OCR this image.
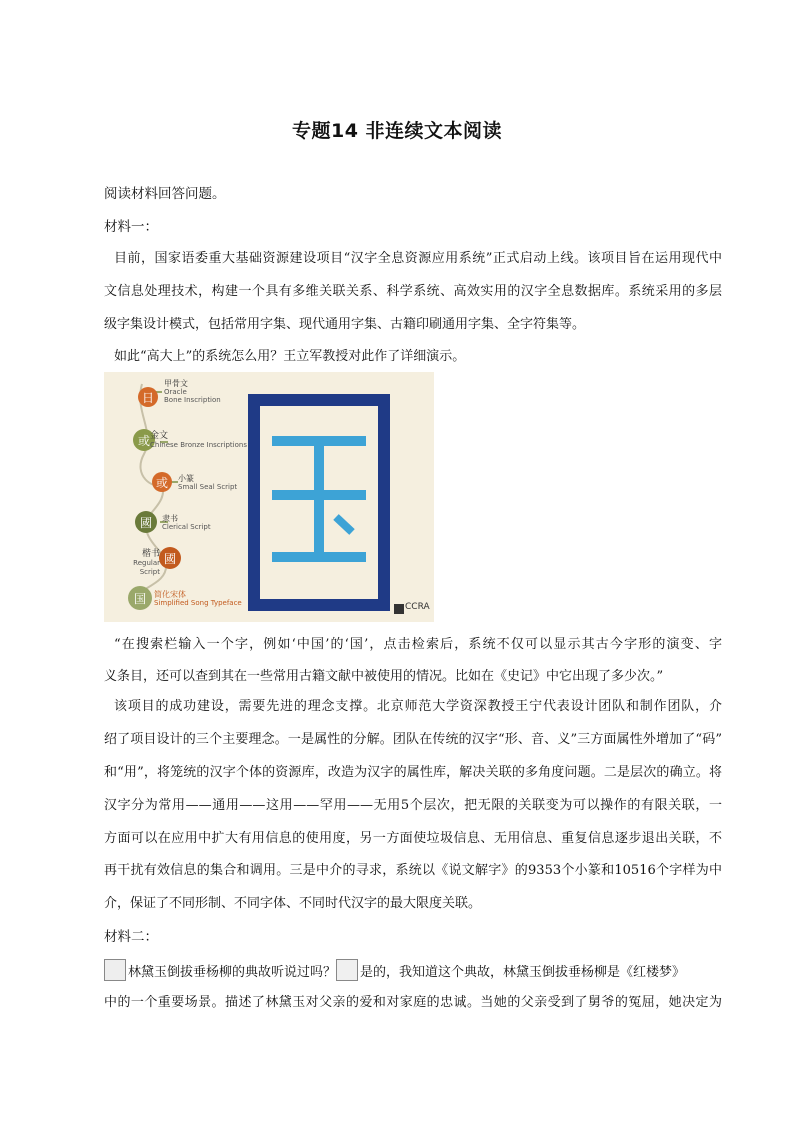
专题14 非连续文本阅读
阅读材料回答问题。
材料一：
目前，国家语委重大基础资源建设项目“汉字全息资源应用系统”正式启动上线。该项目旨在运用现代中
文信息处理技术，构建一个具有多维关联关系、科学系统、高效实用的汉字全息数据库。系统采用的多层
级字集设计模式，包括常用字集、现代通用字集、古籍印刷通用字集、全字符集等。
如此“高大上”的系统怎么用？王立军教授对此作了详细演示。
日
或
或
國
國
国
甲骨文
Oracle
Bone Inscription
金文
Chinese Bronze Inscriptions
小篆
Small Seal Script
隶书
Clerical Script
楷书
Regular Script
简化宋体
Simplified Song Typeface	CCRA
“在搜索栏输入一个字，例如‘中国’的‘国’，点击检索后，系统不仅可以显示其古今字形的演变、字
义条目，还可以查到其在一些常用古籍文献中被使用的情况。比如在《史记》中它出现了多少次。”
该项目的成功建设，需要先进的理念支撑。北京师范大学资深教授王宁代表设计团队和制作团队，介
绍了项目设计的三个主要理念。一是属性的分解。团队在传统的汉字“形、音、义”三方面属性外增加了“码”
和“用”，将笼统的汉字个体的资源库，改造为汉字的属性库，解决关联的多角度问题。二是层次的确立。将
汉字分为常用——通用——这用——罕用——无用5个层次，把无限的关联变为可以操作的有限关联，一
方面可以在应用中扩大有用信息的使用度，另一方面使垃圾信息、无用信息、重复信息逐步退出关联，不
再干扰有效信息的集合和调用。三是中介的寻求，系统以《说文解字》的9353个小篆和10516个字样为中
介，保证了不同形制、不同字体、不同时代汉字的最大限度关联。
材料二：
林黛玉倒拔垂杨柳的典故听说过吗？ 是的，我知道这个典故，林黛玉倒拔垂杨柳是《红楼梦》
中的一个重要场景。描述了林黛玉对父亲的爱和对家庭的忠诚。当她的父亲受到了舅爷的冤屈，她决定为
